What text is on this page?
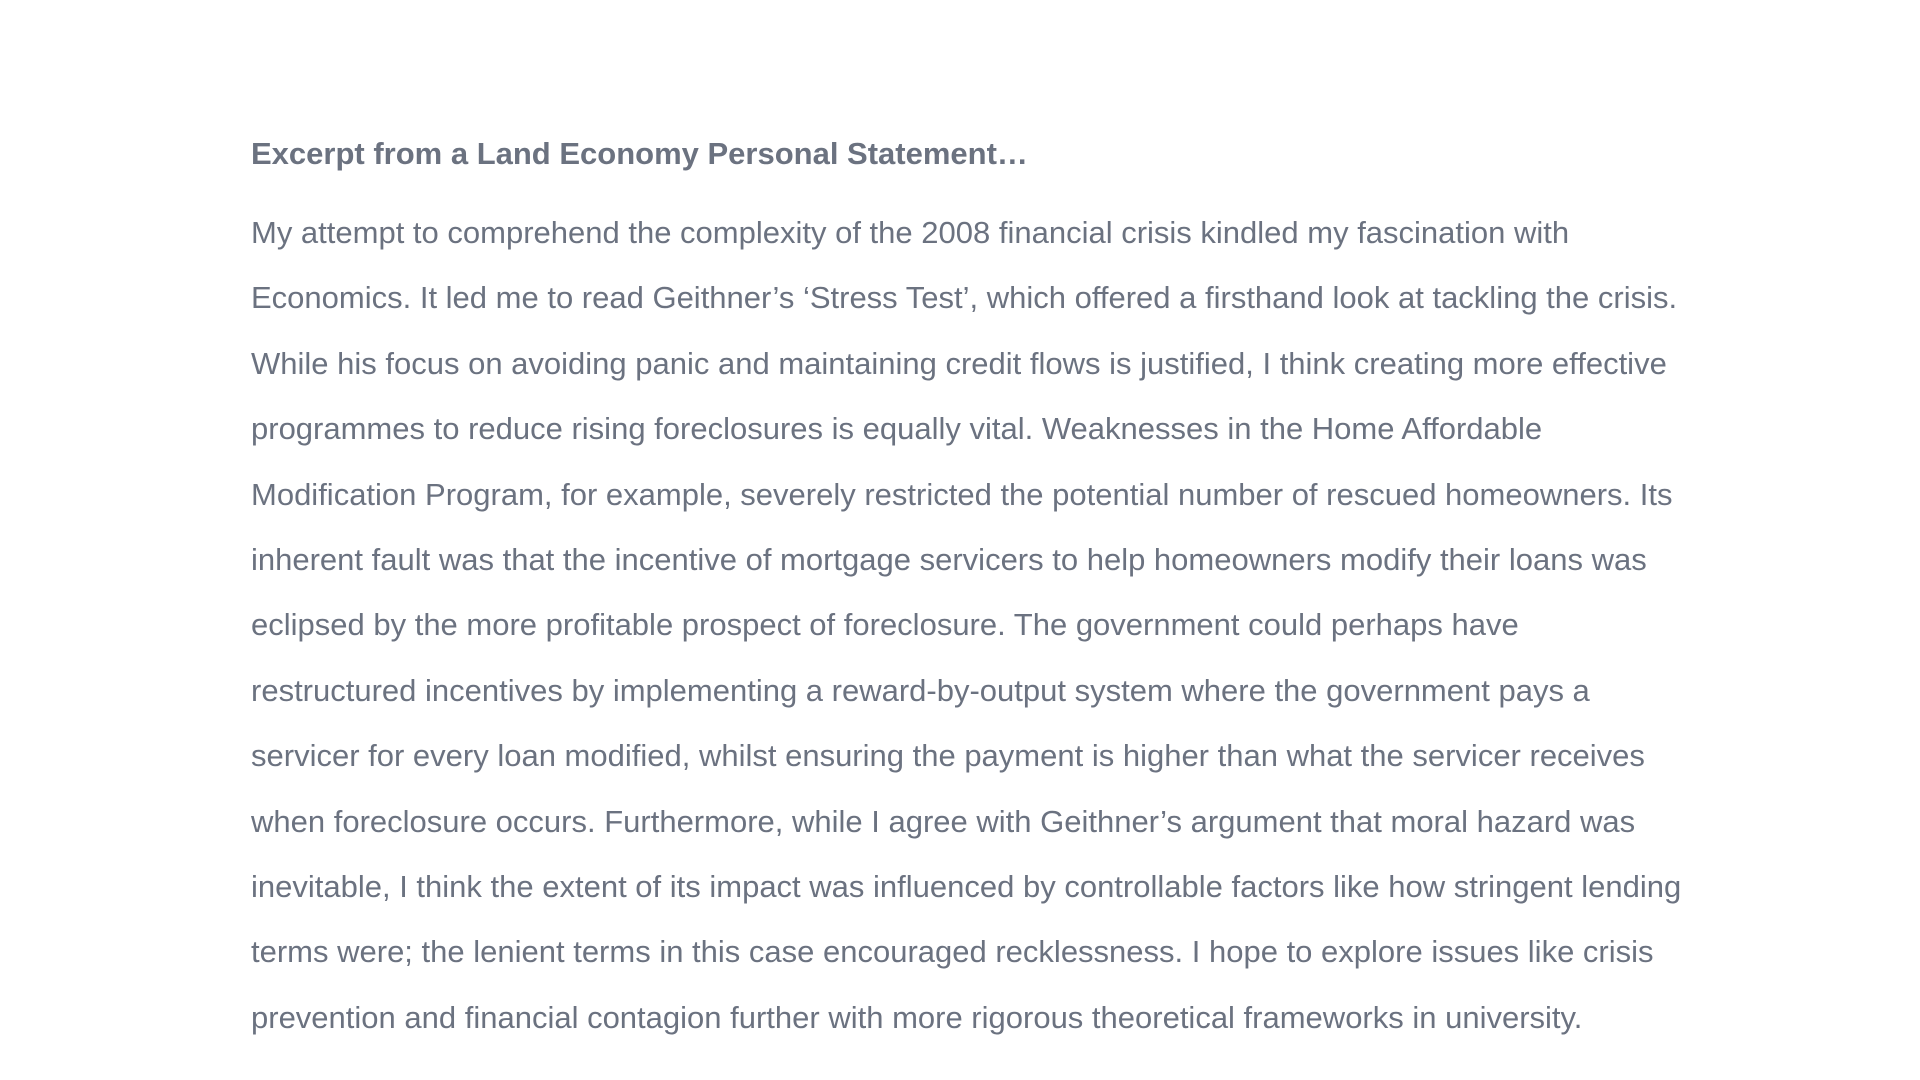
Excerpt from a Land Economy Personal Statement…

My attempt to comprehend the complexity of the 2008 financial crisis kindled my fascination with
Economics. It led me to read Geithner’s ‘Stress Test’, which offered a firsthand look at tackling the crisis.
While his focus on avoiding panic and maintaining credit flows is justified, I think creating more effective
programmes to reduce rising foreclosures is equally vital. Weaknesses in the Home Affordable
Modification Program, for example, severely restricted the potential number of rescued homeowners. Its
inherent fault was that the incentive of mortgage servicers to help homeowners modify their loans was
eclipsed by the more profitable prospect of foreclosure. The government could perhaps have
restructured incentives by implementing a reward-by-output system where the government pays a
servicer for every loan modified, whilst ensuring the payment is higher than what the servicer receives
when foreclosure occurs. Furthermore, while I agree with Geithner’s argument that moral hazard was
inevitable, I think the extent of its impact was influenced by controllable factors like how stringent lending
terms were; the lenient terms in this case encouraged recklessness. I hope to explore issues like crisis
prevention and financial contagion further with more rigorous theoretical frameworks in university.
